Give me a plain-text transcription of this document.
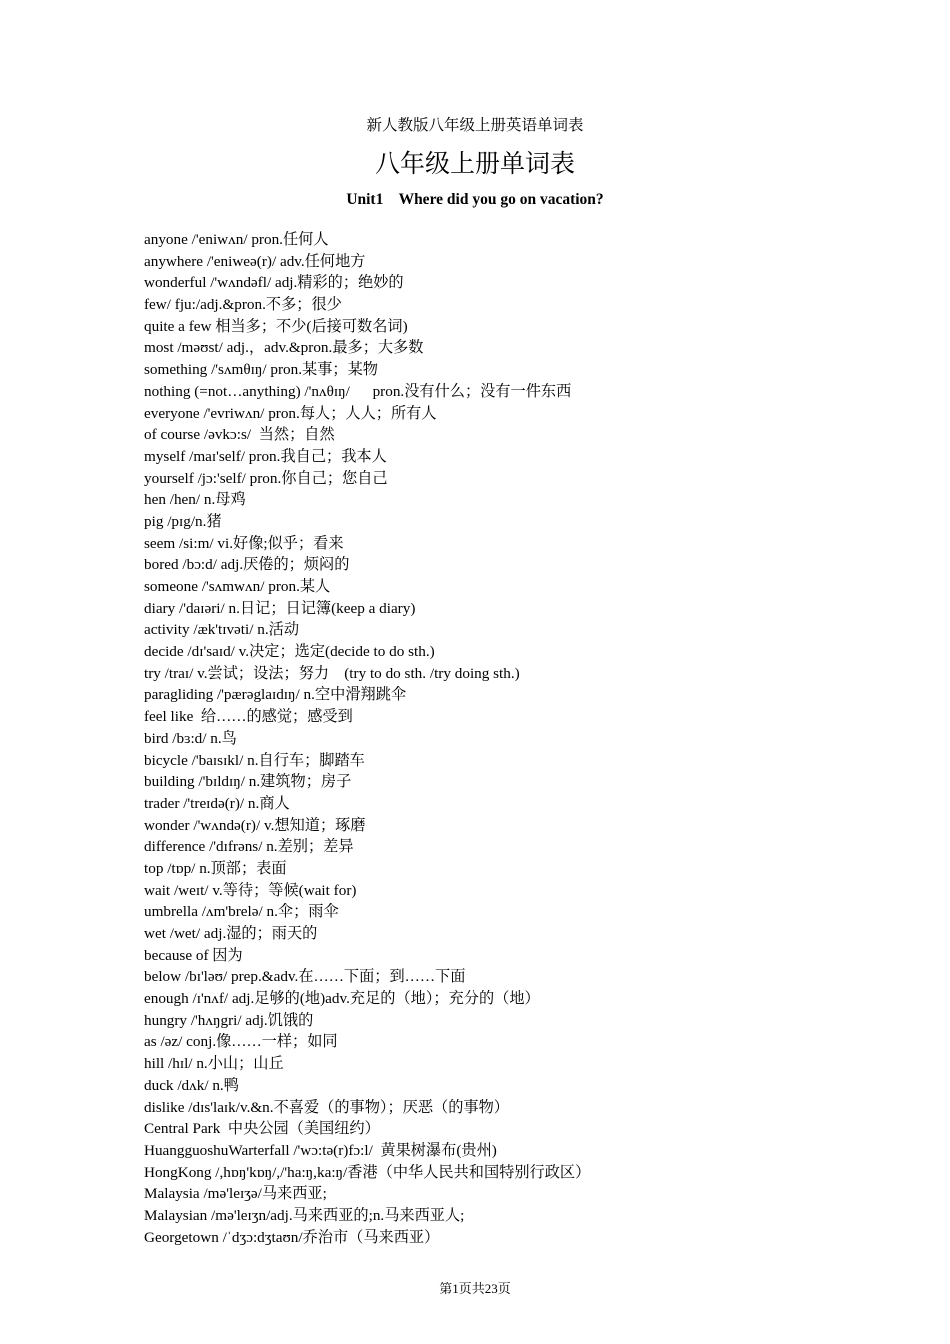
新人教版八年级上册英语单词表
八年级上册单词表
Unit1    Where did you go on vacation?
anyone /'eniwʌn/ pron.任何人
anywhere /'eniweə(r)/ adv.任何地方
wonderful /'wʌndəfl/ adj.精彩的；绝妙的
few/ fju:/adj.&pron.不多；很少
quite a few 相当多；不少(后接可数名词)
most /məʊst/ adj.，adv.&pron.最多；大多数
something /'sʌmθɪŋ/ pron.某事；某物
nothing (=not…anything) /'nʌθɪŋ/      pron.没有什么；没有一件东西
everyone /'evriwʌn/ pron.每人；人人；所有人
of course /əvkɔ:s/  当然；自然
myself /maɪ'self/ pron.我自己；我本人
yourself /jɔ:'self/ pron.你自己；您自己
hen /hen/ n.母鸡
pig /pɪg/n.猪
seem /si:m/ vi.好像;似乎；看来
bored /bɔ:d/ adj.厌倦的；烦闷的
someone /'sʌmwʌn/ pron.某人
diary /'daɪəri/ n.日记；日记簿(keep a diary)
activity /æk'tɪvəti/ n.活动
decide /dɪ'saɪd/ v.决定；选定(decide to do sth.)
try /traɪ/ v.尝试；设法；努力    (try to do sth. /try doing sth.)
paragliding /'pærəglaɪdɪŋ/ n.空中滑翔跳伞
feel like  给……的感觉；感受到
bird /bɜ:d/ n.鸟
bicycle /'baɪsɪkl/ n.自行车；脚踏车
building /'bɪldɪŋ/ n.建筑物；房子
trader /'treɪdə(r)/ n.商人
wonder /'wʌndə(r)/ v.想知道；琢磨
difference /'dɪfrəns/ n.差别；差异
top /tɒp/ n.顶部；表面
wait /weɪt/ v.等待；等候(wait for)
umbrella /ʌm'brelə/ n.伞；雨伞
wet /wet/ adj.湿的；雨天的
because of 因为
below /bɪ'ləʊ/ prep.&adv.在……下面；到……下面
enough /ɪ'nʌf/ adj.足够的(地)adv.充足的（地）；充分的（地）
hungry /'hʌŋgri/ adj.饥饿的
as /əz/ conj.像……一样；如同
hill /hɪl/ n.小山；山丘
duck /dʌk/ n.鸭
dislike /dɪs'laɪk/v.&n.不喜爱（的事物）；厌恶（的事物）
Central Park  中央公园（美国纽约）
HuangguoshuWarterfall /'wɔ:tə(r)fɔ:l/  黄果树瀑布(贵州)
HongKong /,hɒŋ'kɒŋ/,/'ha:ŋ,ka:ŋ/香港（中华人民共和国特别行政区）
Malaysia /mə'leɪʒə/马来西亚;
Malaysian /mə'leɪʒn/adj.马来西亚的;n.马来西亚人;
Georgetown /ˈdʒɔ:dʒtaʊn/乔治市（马来西亚）
第1页共23页
